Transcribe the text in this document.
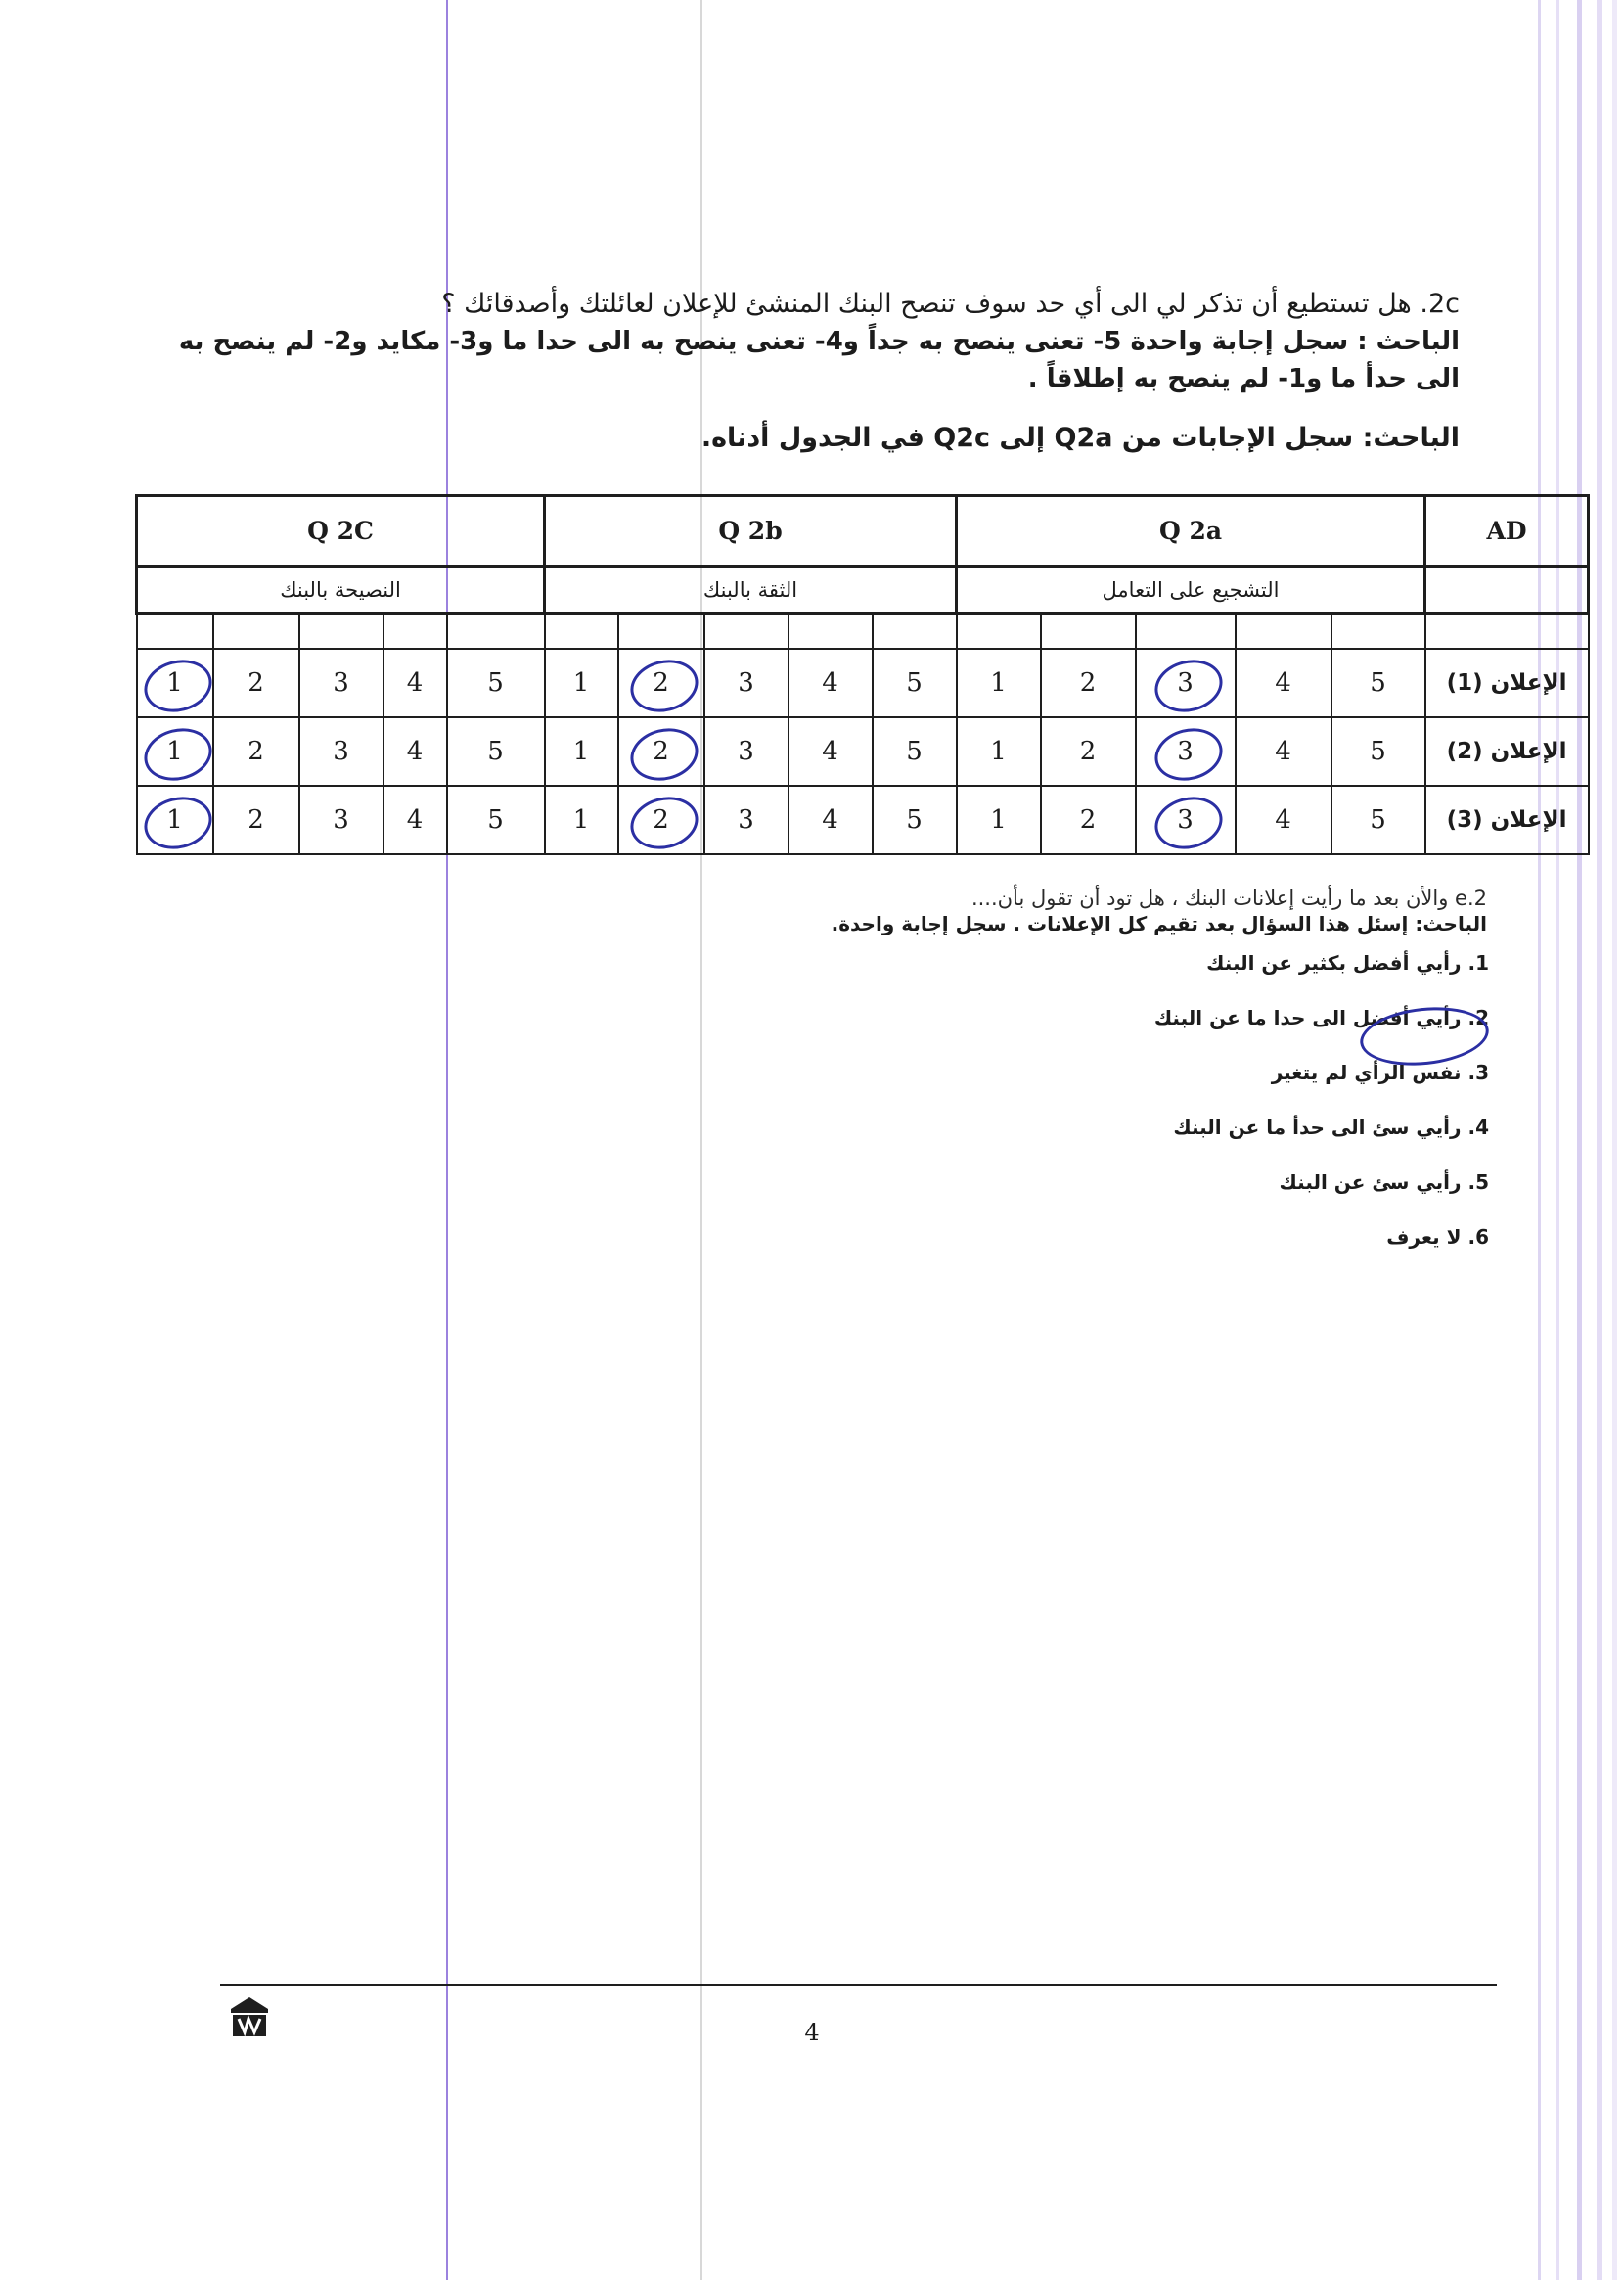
2c. هل تستطيع أن تذكر لي الى أي حد سوف تنصح البنك المنشئ للإعلان لعائلتك وأصدقائك ؟
الباحث : سجل إجابة واحدة 5- تعنى ينصح به جداً و4- تعنى ينصح به الى حدا ما و3- مكايد و2- لم ينصح به الى حدأ ما و1- لم ينصح به إطلاقاً .
الباحث: سجل الإجابات من Q2a إلى Q2c في الجدول أدناه.
Q 2C					Q 2b					Q 2a					AD
النصيحة بالبنك					الثقة بالبنك					التشجيع على التعامل					

1	2	3	4	5	1	2	3	4	5	1	2	3	4	5	الإعلان (1)
1	2	3	4	5	1	2	3	4	5	1	2	3	4	5	الإعلان (2)
1	2	3	4	5	1	2	3	4	5	1	2	3	4	5	الإعلان (3)
2.e والأن بعد ما رأيت إعلانات البنك ، هل تود أن تقول بأن....
الباحث: إسئل هذا السؤال بعد تقيم كل الإعلانات . سجل إجابة واحدة.
1. رأيي أفضل بكثير عن البنك
2. رأيي أفضل الى حدا ما عن البنك
3. نفس الرأي لم يتغير
4. رأيي سئ الى حدأ ما عن البنك
5. رأيي سئ عن البنك
6. لا يعرف
4
